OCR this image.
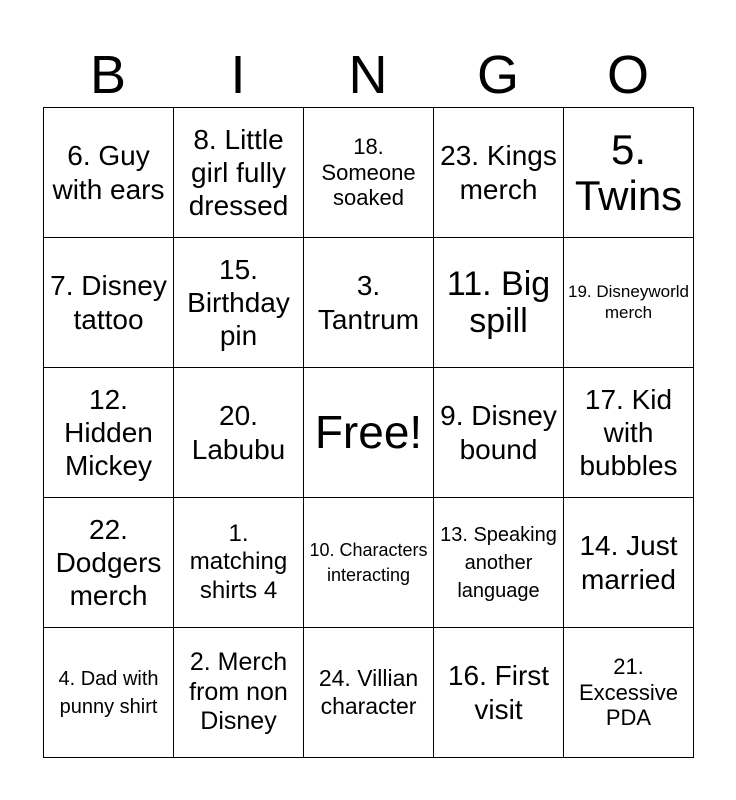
B	I	N	G	O
6. Guy with ears	8. Little girl fully dressed	18. Someone soaked	23. Kings merch	5. Twins
7. Disney tattoo	15. Birthday pin	3. Tantrum	11. Big spill	19. Disneyworld merch
12. Hidden Mickey	20. Labubu	Free!	9. Disney bound	17. Kid with bubbles
22. Dodgers merch	1. matching shirts 4	10. Characters interacting	13. Speaking another language	14. Just married
4. Dad with punny shirt	2. Merch from non Disney	24. Villian character	16. First visit	21. Excessive PDA
